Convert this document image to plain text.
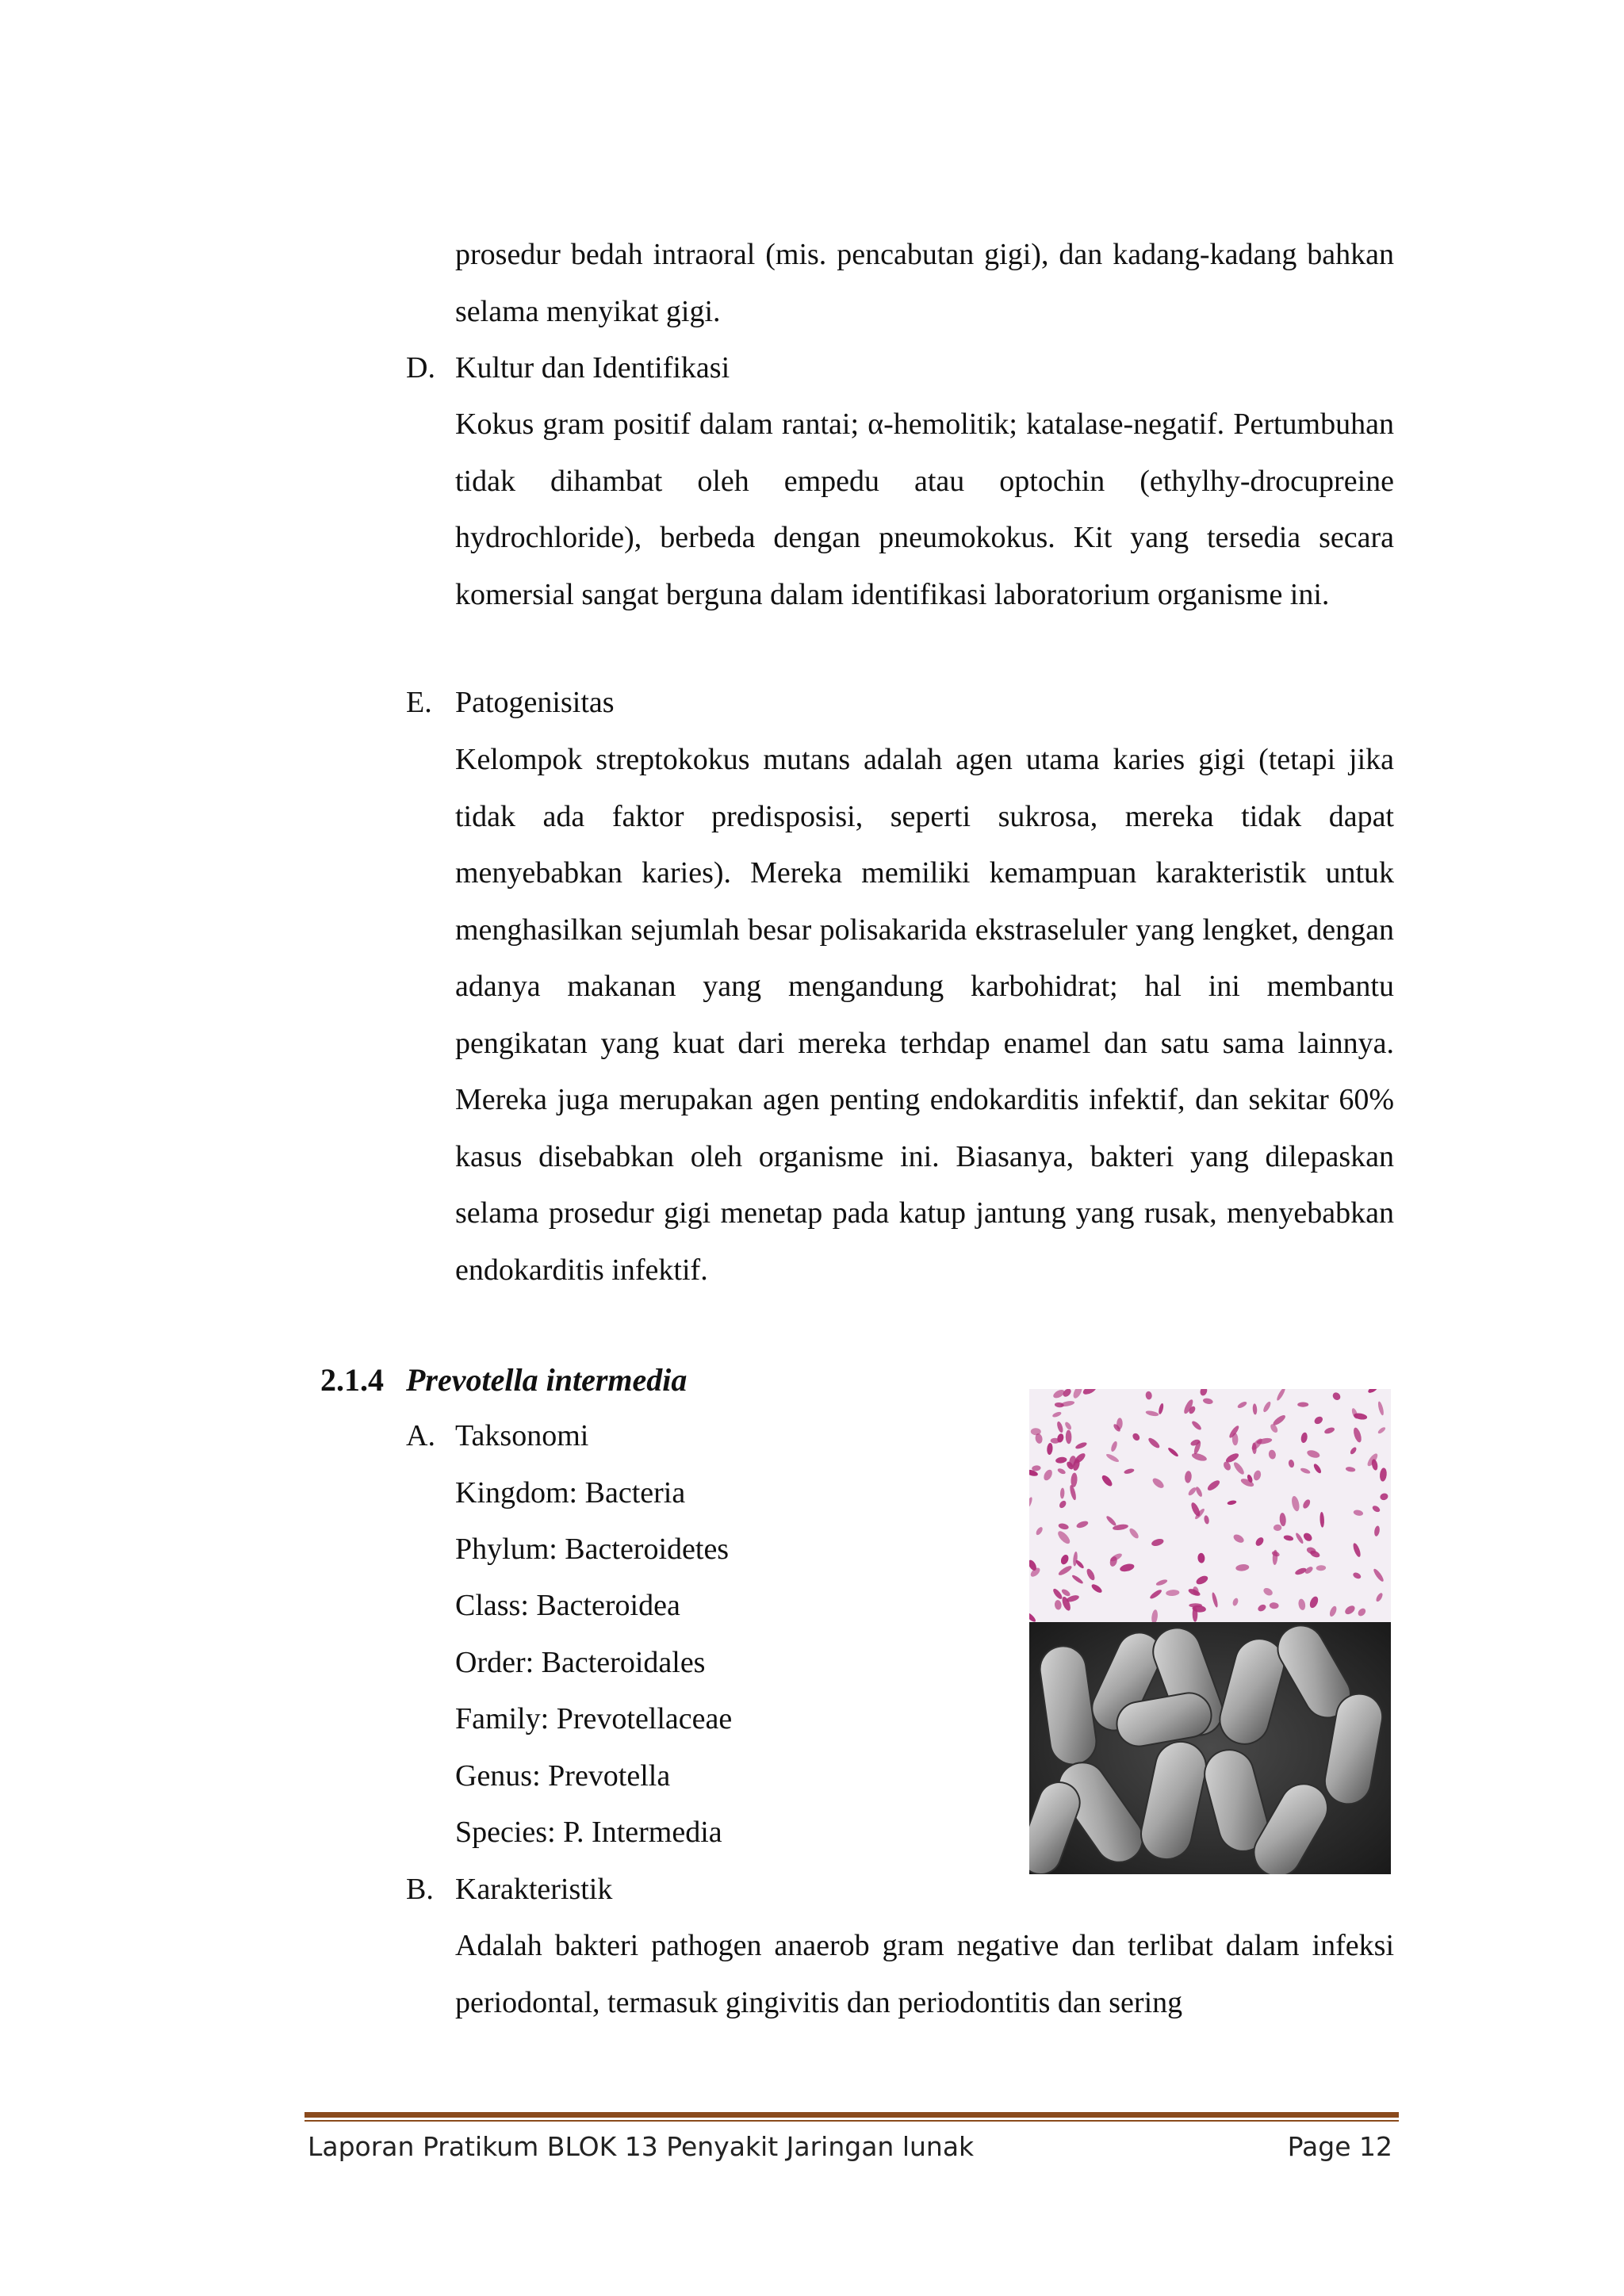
prosedur bedah intraoral (mis. pencabutan gigi), dan kadang-kadang bahkan selama menyikat gigi.

D. Kultur dan Identifikasi

Kokus gram positif dalam rantai; α-hemolitik; katalase-negatif. Pertumbuhan tidak dihambat oleh empedu atau optochin (ethylhy-drocupreine hydrochloride), berbeda dengan pneumokokus. Kit yang tersedia secara komersial sangat berguna dalam identifikasi laboratorium organisme ini.

E. Patogenisitas

Kelompok streptokokus mutans adalah agen utama karies gigi (tetapi jika tidak ada faktor predisposisi, seperti sukrosa, mereka tidak dapat menyebabkan karies). Mereka memiliki kemampuan karakteristik untuk menghasilkan sejumlah besar polisakarida ekstraseluler yang lengket, dengan adanya makanan yang mengandung karbohidrat; hal ini membantu pengikatan yang kuat dari mereka terhdap enamel dan satu sama lainnya. Mereka juga merupakan agen penting endokarditis infektif, dan sekitar 60% kasus disebabkan oleh organisme ini. Biasanya, bakteri yang dilepaskan selama prosedur gigi menetap pada katup jantung yang rusak, menyebabkan endokarditis infektif.

2.1.4 Prevotella intermedia
A. Taksonomi
Kingdom: Bacteria
Phylum: Bacteroidetes
Class: Bacteroidea
Order: Bacteroidales
Family: Prevotellaceae
Genus: Prevotella
Species: P. Intermedia
B. Karakteristik

Adalah bakteri pathogen anaerob gram negative dan terlibat dalam infeksi periodontal, termasuk gingivitis dan periodontitis dan sering

Laporan Pratikum BLOK 13 Penyakit Jaringan lunak	Page 12
